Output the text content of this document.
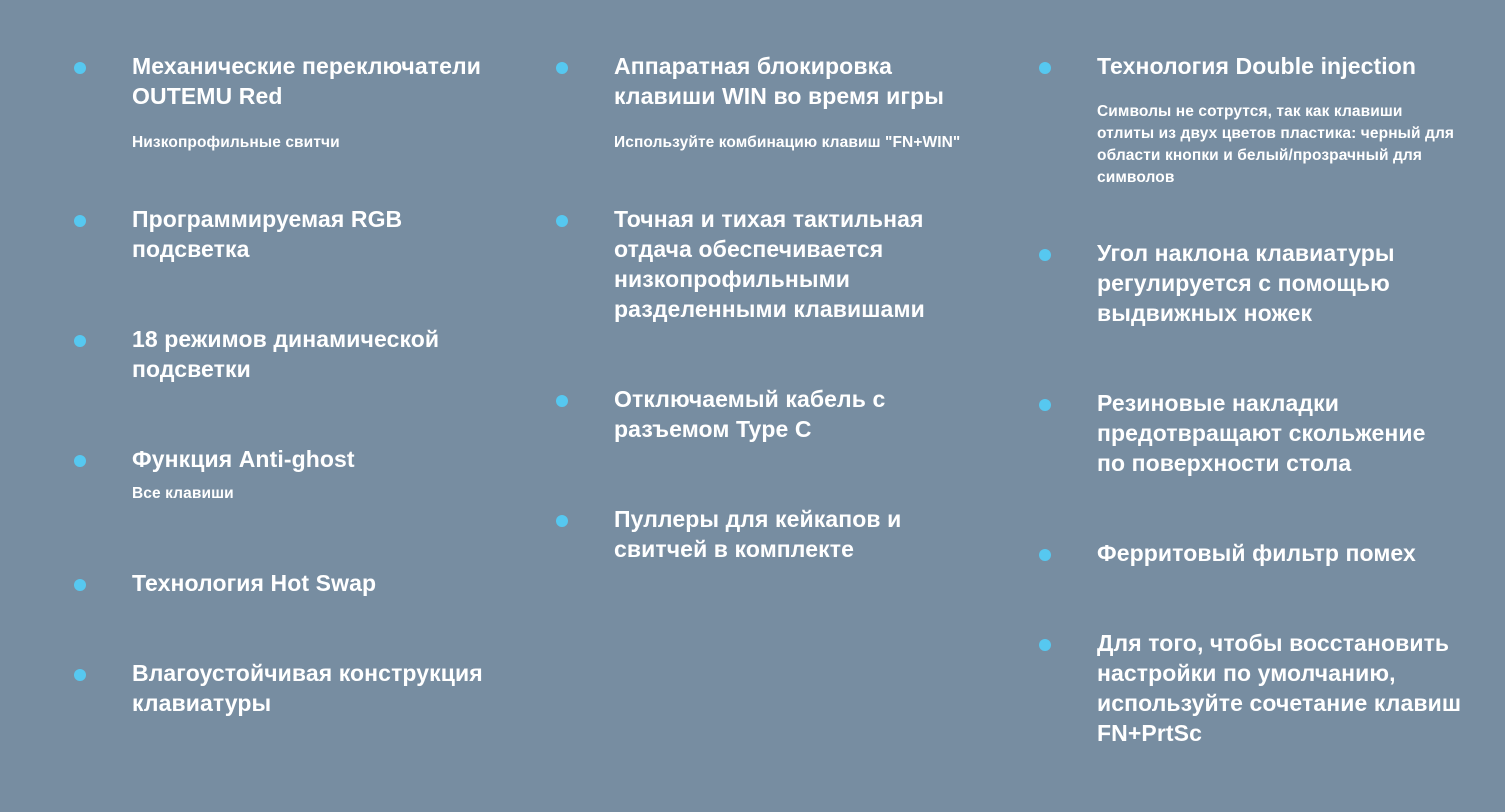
Механические переключатели OUTEMU Red

Низкопрофильные свитчи

Программируемая RGB подсветка

18 режимов динамической подсветки

Функция Anti-ghost

Все клавиши

Технология Hot Swap

Влагоустойчивая конструкция клавиатуры

Аппаратная блокировка клавиши WIN во время игры

Используйте комбинацию клавиш "FN+WIN"

Точная и тихая тактильная отдача обеспечивается низкопрофильными разделенными клавишами

Отключаемый кабель с разъемом Type C

Пуллеры для кейкапов и свитчей в комплекте

Технология Double injection

Символы не сотрутся, так как клавиши отлиты из двух цветов пластика: черный для области кнопки и белый/прозрачный для символов

Угол наклона клавиатуры регулируется с помощью выдвижных ножек

Резиновые накладки предотвращают скольжение по поверхности стола

Ферритовый фильтр помех

Для того, чтобы восстановить настройки по умолчанию, используйте сочетание клавиш FN+PrtSc
